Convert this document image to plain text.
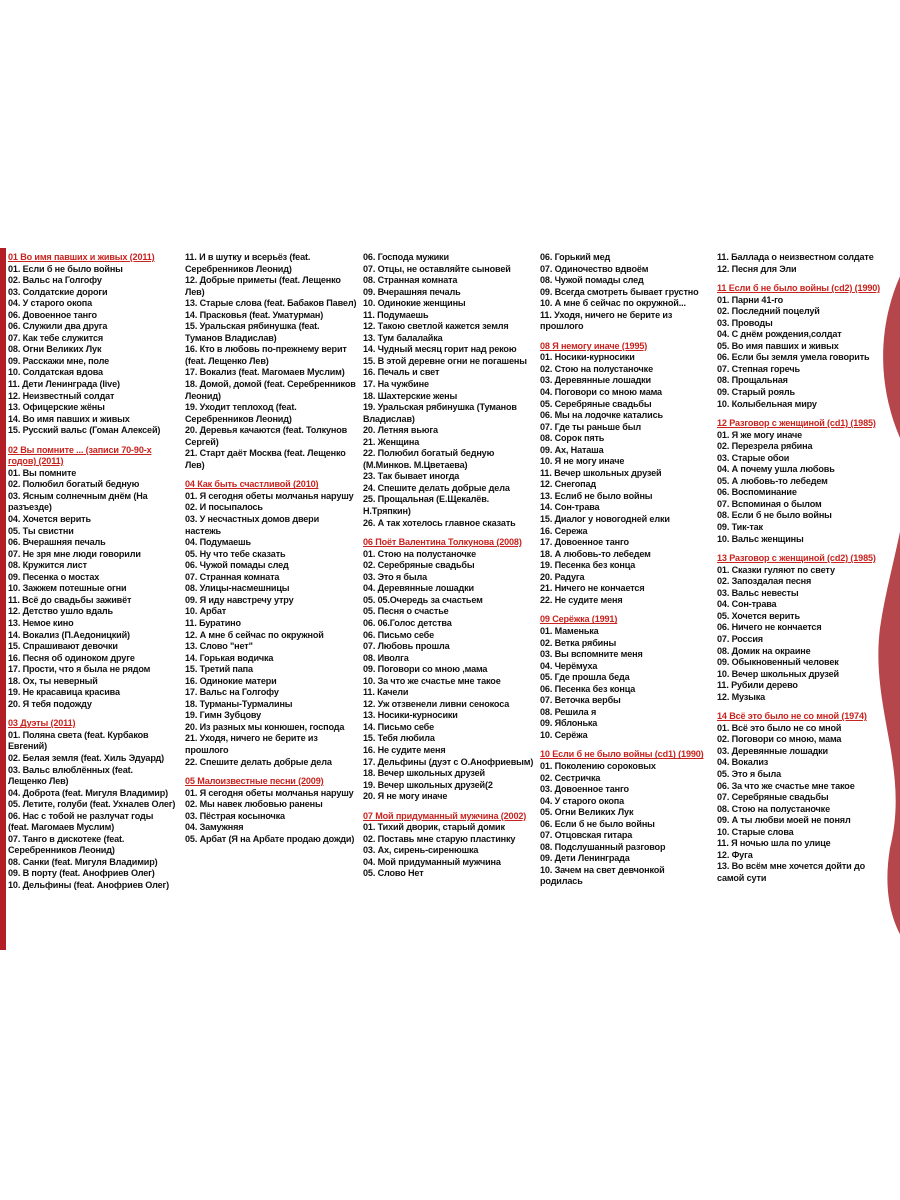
01 Во имя павших и живых (2011)
01. Если б не было войны
02. Вальс на Голгофу
03. Солдатские дороги
04. У старого окопа
06. Довоенное танго
06. Служили два друга
07. Как тебе служится
08. Огни Великих Лук
09. Расскажи мне, поле
10. Солдатская вдова
11. Дети Ленинграда (live)
12. Неизвестный солдат
13. Офицерские жёны
14. Во имя павших и живых
15. Русский вальс (Гоман Алексей)
02 Вы помните ... (записи 70-90-х годов) (2011)
01. Вы помните
02. Полюбил богатый бедную
03. Ясным солнечным днём (На разъезде)
04. Хочется верить
05. Ты свистни
06. Вчерашняя печаль
07. Не зря мне люди говорили
08. Кружится лист
09. Песенка о мостах
10. Зажжем потешные огни
11. Всё до свадьбы заживёт
12. Детство ушло вдаль
13. Немое кино
14. Вокализ (П.Аедоницкий)
15. Спрашивают девочки
16. Песня об одиноком друге
17. Прости, что я была не рядом
18. Ох, ты неверный
19. Не красавица красива
20. Я тебя подожду
03 Дуэты (2011)
01. Поляна света (feat. Курбаков Евгений)
02. Белая земля (feat. Хиль Эдуард)
03. Вальс влюблённых (feat. Лещенко Лев)
04. Доброта (feat. Мигуля Владимир)
05. Летите, голуби (feat. Ухналев Олег)
06. Нас с тобой не разлучат годы (feat. Магомаев Муслим)
07. Танго в дискотеке (feat. Серебренников Леонид)
08. Санки (feat. Мигуля Владимир)
09. В порту (feat. Анофриев Олег)
10. Дельфины (feat. Анофриев Олег)
11. И в шутку и всерьёз (feat. Серебренников Леонид)
12. Добрые приметы (feat. Лещенко Лев)
13. Старые слова (feat. Бабаков Павел)
14. Прасковья (feat. Уматурман)
15. Уральская рябинушка (feat. Туманов Владислав)
16. Кто в любовь по-прежнему верит (feat. Лещенко Лев)
17. Вокализ (feat. Магомаев Муслим)
18. Домой, домой (feat. Серебренников Леонид)
19. Уходит теплоход (feat. Серебренников Леонид)
20. Деревья качаются (feat. Толкунов Сергей)
21. Старт даёт Москва (feat. Лещенко Лев)
04 Как быть счастливой (2010)
01. Я сегодня обеты молчанья нарушу
02. И посыпалось
03. У несчастных домов двери настежь
04. Подумаешь
05. Ну что тебе сказать
06. Чужой помады след
07. Странная комната
08. Улицы-насмешницы
09. Я иду навстречу утру
10. Арбат
11. Буратино
12. А мне б сейчас по окружной
13. Слово "нет"
14. Горькая водичка
15. Третий папа
16. Одинокие матери
17. Вальс на Голгофу
18. Турманы-Турмалины
19. Гимн Зубцову
20. Из разных мы конюшен, господа
21. Уходя, ничего не берите из прошлого
22. Спешите делать добрые дела
05 Малоизвестные песни (2009)
01. Я сегодня обеты молчанья нарушу
02. Мы навек любовью ранены
03. Пёстрая косыночка
04. Замужняя
05. Арбат (Я на Арбате продаю дожди)
06. Господа мужики
07. Отцы, не оставляйте сыновей
08. Странная комната
09. Вчерашняя печаль
10. Одинокие женщины
11. Подумаешь
12. Такою светлой кажется земля
13. Тум балалайка
14. Чудный месяц горит над рекою
15. В этой деревне огни не погашены
16. Печаль и свет
17. На чужбине
18. Шахтерские жены
19. Уральская рябинушка (Туманов Владислав)
20. Летняя вьюга
21. Женщина
22. Полюбил богатый бедную (М.Минков. М.Цветаева)
23. Так бывает иногда
24. Спешите делать добрые дела
25. Прощальная (Е.Щекалёв. Н.Тряпкин)
26. А так хотелось главное сказать
06 Поёт Валентина Толкунова (2008)
01. Стою на полустаночке
02. Серебряные свадьбы
03. Это я была
04. Деревянные лошадки
05. 05.Очередь за счастьем
05. Песня о счастье
06. 06.Голос детства
06. Письмо себе
07. Любовь прошла
08. Иволга
09. Поговори со мною ,мама
10. За что же счастье мне такое
11. Качели
12. Уж отзвенели ливни сенокоса
13. Носики-курносики
14. Письмо себе
15. Тебя любила
16. Не судите меня
17. Дельфины (дуэт с О.Анофриевым)
18. Вечер школьных друзей
19. Вечер школьных друзей(2
20. Я не могу иначе
07 Мой придуманный мужчина (2002)
01. Тихий дворик, старый домик
02. Поставь мне старую пластинку
03. Ах, сирень-сиренюшка
04. Мой придуманный мужчина
05. Слово Нет
06. Горький мед
07. Одиночество вдвоём
08. Чужой помады след
09. Всегда смотреть бывает грустно
10. А мне б сейчас по окружной...
11. Уходя, ничего не берите из прошлого
08 Я немогу иначе (1995)
01. Носики-курносики
02. Стою на полустаночке
03. Деревянные лошадки
04. Поговори со мною мама
05. Серебряные свадьбы
06. Мы на лодочке катались
07. Где ты раньше был
08. Сорок пять
09. Ах, Наташа
10. Я не могу иначе
11. Вечер школьных друзей
12. Снегопад
13. Еслиб не было войны
14. Сон-трава
15. Диалог у новогодней елки
16. Сережа
17. Довоенное танго
18. А любовь-то лебедем
19. Песенка без конца
20. Радуга
21. Ничего не кончается
22. Не судите меня
09 Серёжка (1991)
01. Маменька
02. Ветка рябины
03. Вы вспомните меня
04. Черёмуха
05. Где прошла беда
06. Песенка без конца
07. Веточка вербы
08. Решила я
09. Яблонька
10. Серёжа
10 Если б не было войны (cd1) (1990)
01. Поколению сороковых
02. Сестричка
03. Довоенное танго
04. У старого окопа
05. Огни Великих Лук
06. Если б не было войны
07. Отцовская гитара
08. Подслушанный разговор
09. Дети Ленинграда
10. Зачем на свет девчонкой родилась
11. Баллада о неизвестном солдате
12. Песня для Эли
11 Если б не было войны (cd2) (1990)
01. Парни 41-го
02. Последний поцелуй
03. Проводы
04. С днём рождения,солдат
05. Во имя павших и живых
06. Если бы земля умела говорить
07. Степная горечь
08. Прощальная
09. Старый рояль
10. Колыбельная миру
12 Разговор с женщиной (cd1) (1985)
01. Я же могу иначе
02. Перезрела рябина
03. Старые обои
04. А почему ушла любовь
05. А любовь-то лебедем
06. Воспоминание
07. Вспоминая о былом
08. Если б не было войны
09. Тик-так
10. Вальс женщины
13 Разговор с женщиной (cd2) (1985)
01. Сказки гуляют по свету
02. Запоздалая песня
03. Вальс невесты
04. Сон-трава
05. Хочется верить
06. Ничего не кончается
07. Россия
08. Домик на окраине
09. Обыкновенный человек
10. Вечер школьных друзей
11. Рубили дерево
12. Музыка
14 Всё это было не со мной (1974)
01. Всё это было не со мной
02. Поговори со мною, мама
03. Деревянные лошадки
04. Вокализ
05. Это я была
06. За что же счастье мне такое
07. Серебряные свадьбы
08. Стою на полустаночке
09. А ты любви моей не понял
10. Старые слова
11. Я ночью шла по улице
12. Фуга
13. Во всём мне хочется дойти до самой сути
